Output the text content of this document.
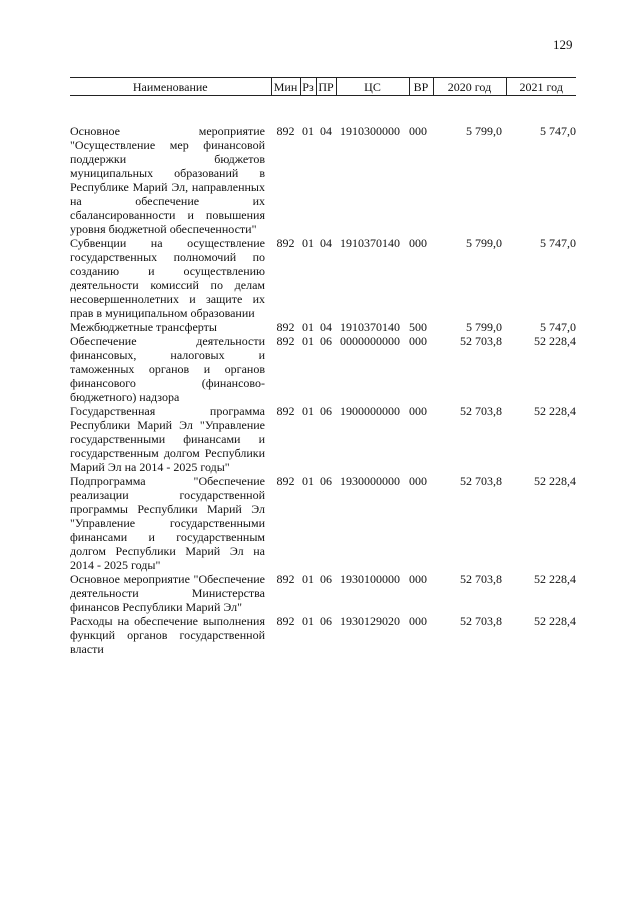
129
Наименование	Мин	Рз	ПР	ЦС	ВР	2020 год	2021 год
Основное мероприятие "Осуществление мер финансовой поддержки бюджетов муниципальных образований в Республике Марий Эл, направленных на обеспечение их сбалансированности и повышения уровня бюджетной обеспеченности"	892	01	04	1910300000	000	5 799,0	5 747,0
Субвенции на осуществление государственных полномочий по созданию и осуществлению деятельности комиссий по делам несовершеннолетних и защите их прав в муниципальном образовании	892	01	04	1910370140	000	5 799,0	5 747,0
Межбюджетные трансферты	892	01	04	1910370140	500	5 799,0	5 747,0
Обеспечение деятельности финансовых, налоговых и таможенных органов и органов финансового (финансово-бюджетного) надзора	892	01	06	0000000000	000	52 703,8	52 228,4
Государственная программа Республики Марий Эл "Управление государственными финансами и государственным долгом Республики Марий Эл на 2014 - 2025 годы"	892	01	06	1900000000	000	52 703,8	52 228,4
Подпрограмма "Обеспечение реализации государственной программы Республики Марий Эл "Управление государственными финансами и государственным долгом Республики Марий Эл на 2014 - 2025 годы"	892	01	06	1930000000	000	52 703,8	52 228,4
Основное мероприятие "Обеспечение деятельности Министерства финансов Республики Марий Эл"	892	01	06	1930100000	000	52 703,8	52 228,4
Расходы на обеспечение выполнения функций органов государственной власти	892	01	06	1930129020	000	52 703,8	52 228,4
